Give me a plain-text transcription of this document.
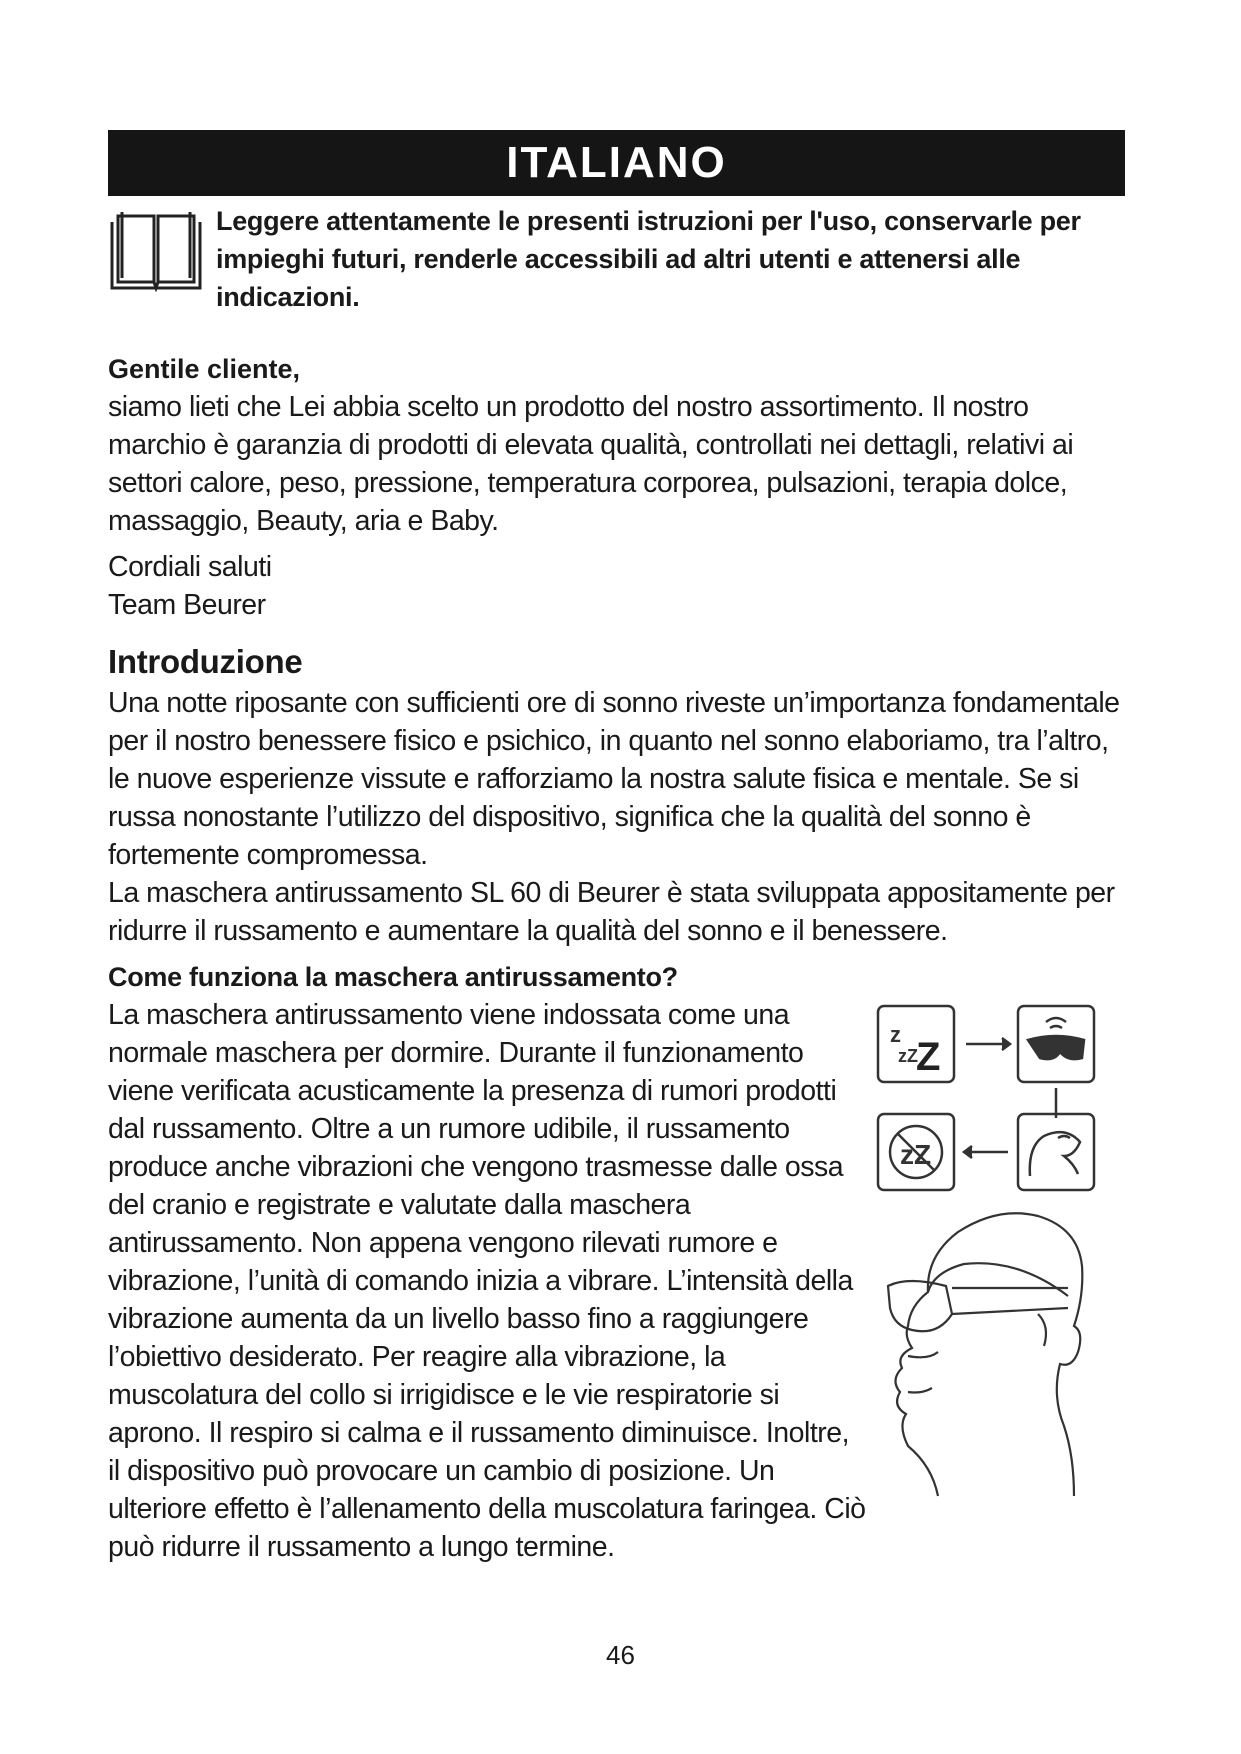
ITALIANO
Leggere attentamente le presenti istruzioni per l'uso, conservarle per impieghi futuri, renderle accessibili ad altri utenti e attenersi alle indicazioni.
Gentile cliente,
siamo lieti che Lei abbia scelto un prodotto del nostro assortimento. Il nostro marchio è garanzia di prodotti di elevata qualità, controllati nei dettagli, relativi ai settori calore, peso, pressione, temperatura corporea, pulsazioni, terapia dolce, massaggio, Beauty, aria e Baby.
Cordiali saluti
Team Beurer
Introduzione
Una notte riposante con sufficienti ore di sonno riveste un’importanza fondamentale per il nostro benessere fisico e psichico, in quanto nel sonno elaboriamo, tra l’altro, le nuove esperienze vissute e rafforziamo la nostra salute fisica e mentale. Se si russa nonostante l’utilizzo del dispositivo, significa che la qualità del sonno è fortemente compromessa.
La maschera antirussamento SL 60 di Beurer è stata sviluppata appositamente per ridurre il russamento e aumentare la qualità del sonno e il benessere.
Come funziona la maschera antirussamento?
La maschera antirussamento viene indossata come una normale maschera per dormire. Durante il funzionamento viene verificata acusticamente la presenza di rumori prodotti dal russamento. Oltre a un rumore udibile, il russamento produce anche vibrazioni che vengono trasmesse dalle ossa del cranio e registrate e valutate dalla maschera antirussamento. Non appena vengono rilevati rumore e vibrazione, l’unità di comando inizia a vibrare. L’intensità della vibrazione aumenta da un livello basso fino a raggiungere l’obiettivo desiderato. Per reagire alla vibrazione, la muscolatura del collo si irrigidisce e le vie respiratorie si aprono. Il respiro si calma e il russamento diminuisce. Inoltre, il dispositivo può provocare un cambio di posizione. Un ulteriore effetto è l’allenamento della muscolatura faringea. Ciò può ridurre il russamento a lungo termine.
z
zZ
Z
zZ
46
